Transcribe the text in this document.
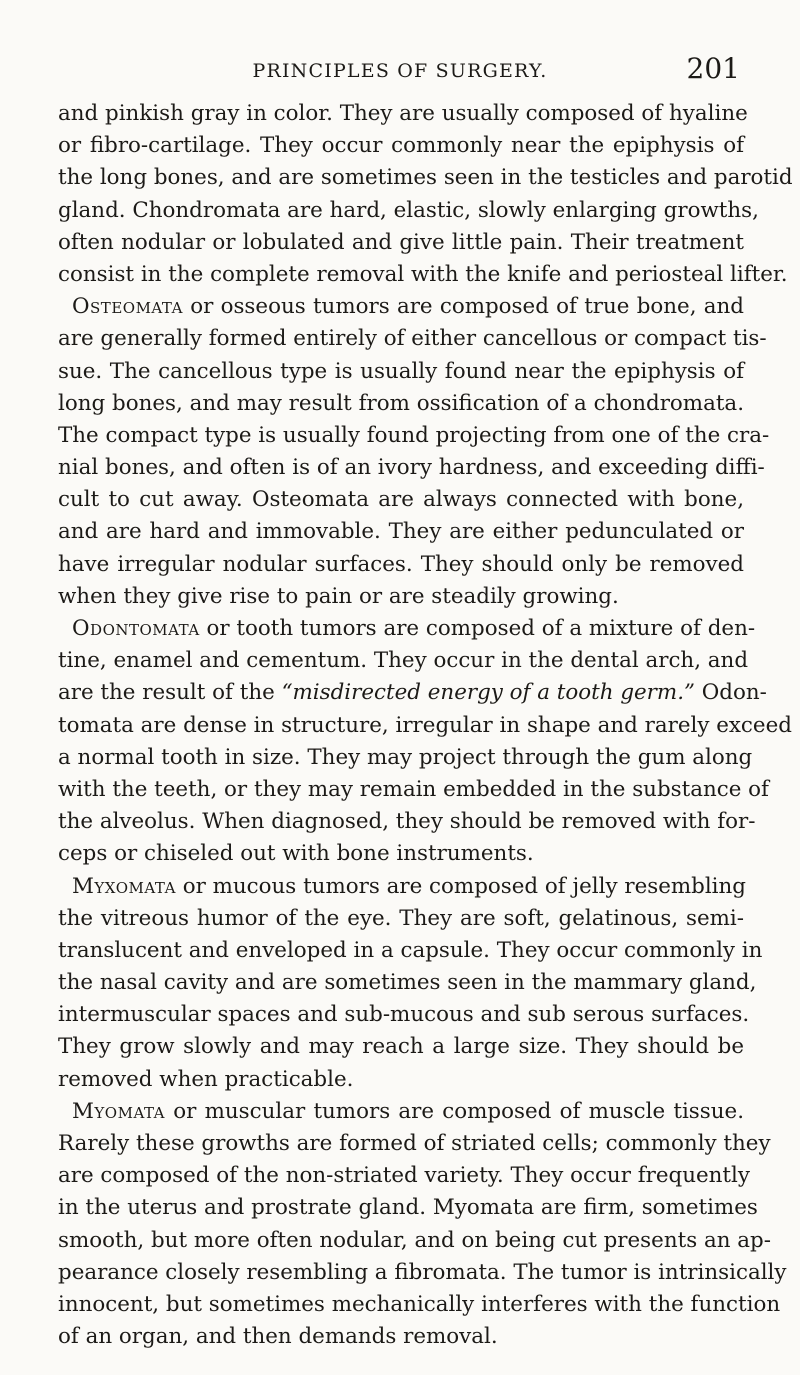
PRINCIPLES OF SURGERY.	201
and pinkish gray in color. They are usually composed of hyaline
or fibro-cartilage. They occur commonly near the epiphysis of
the long bones, and are sometimes seen in the testicles and parotid
gland. Chondromata are hard, elastic, slowly enlarging growths,
often nodular or lobulated and give little pain. Their treatment
consist in the complete removal with the knife and periosteal lifter.
Osteomata or osseous tumors are composed of true bone, and
are generally formed entirely of either cancellous or compact tis-
sue. The cancellous type is usually found near the epiphysis of
long bones, and may result from ossification of a chondromata.
The compact type is usually found projecting from one of the cra-
nial bones, and often is of an ivory hardness, and exceeding diffi-
cult to cut away. Osteomata are always connected with bone,
and are hard and immovable. They are either pedunculated or
have irregular nodular surfaces. They should only be removed
when they give rise to pain or are steadily growing.
Odontomata or tooth tumors are composed of a mixture of den-
tine, enamel and cementum. They occur in the dental arch, and
are the result of the “misdirected energy of a tooth germ.” Odon-
tomata are dense in structure, irregular in shape and rarely exceed
a normal tooth in size. They may project through the gum along
with the teeth, or they may remain embedded in the substance of
the alveolus. When diagnosed, they should be removed with for-
ceps or chiseled out with bone instruments.
Myxomata or mucous tumors are composed of jelly resembling
the vitreous humor of the eye. They are soft, gelatinous, semi-
translucent and enveloped in a capsule. They occur commonly in
the nasal cavity and are sometimes seen in the mammary gland,
intermuscular spaces and sub-mucous and sub serous surfaces.
They grow slowly and may reach a large size. They should be
removed when practicable.
Myomata or muscular tumors are composed of muscle tissue.
Rarely these growths are formed of striated cells; commonly they
are composed of the non-striated variety. They occur frequently
in the uterus and prostrate gland. Myomata are firm, sometimes
smooth, but more often nodular, and on being cut presents an ap-
pearance closely resembling a fibromata. The tumor is intrinsically
innocent, but sometimes mechanically interferes with the function
of an organ, and then demands removal.
